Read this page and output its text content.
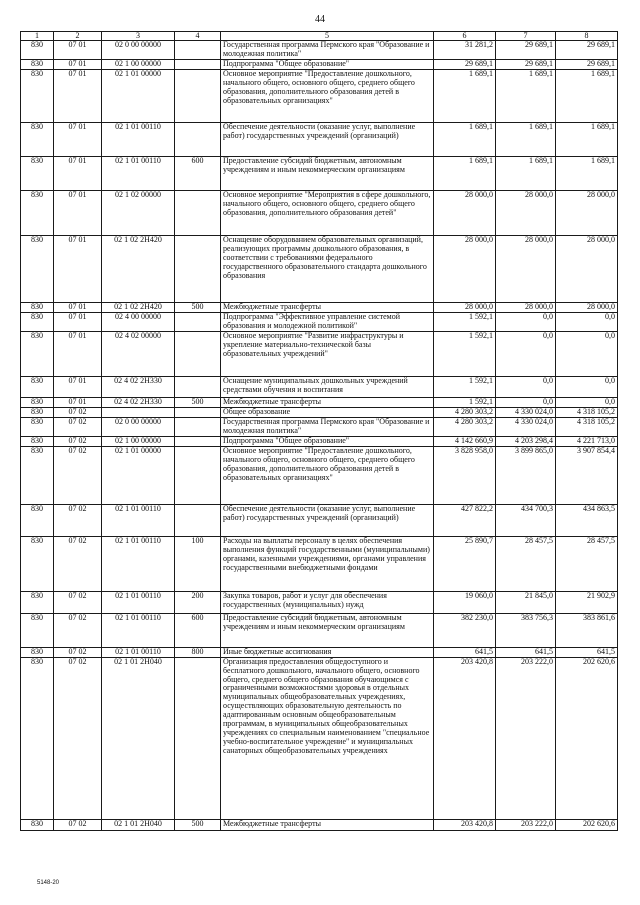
44
1	2	3	4	5	6	7	8
830	07 01	02 0 00 00000		Государственная программа Пермского края "Образование и молодежная политика"	31 281,2	29 689,1	29 689,1
830	07 01	02 1 00 00000		Подпрограмма "Общее образование"	29 689,1	29 689,1	29 689,1
830	07 01	02 1 01 00000		Основное мероприятие "Предоставление дошкольного, начального общего, основного общего, среднего общего образования, дополнительного образования детей в образовательных организациях"	1 689,1	1 689,1	1 689,1
830	07 01	02 1 01 00110		Обеспечение деятельности (оказание услуг, выполнение работ) государственных учреждений (организаций)	1 689,1	1 689,1	1 689,1
830	07 01	02 1 01 00110	600	Предоставление субсидий бюджетным, автономным учреждениям и иным некоммерческим организациям	1 689,1	1 689,1	1 689,1
830	07 01	02 1 02 00000		Основное мероприятие "Мероприятия в сфере дошкольного, начального общего, основного общего, среднего общего образования, дополнительного образования детей"	28 000,0	28 000,0	28 000,0
830	07 01	02 1 02 2Н420		Оснащение оборудованием образовательных организаций, реализующих программы дошкольного образования, в соответствии с требованиями федерального государственного образовательного стандарта дошкольного образования	28 000,0	28 000,0	28 000,0
830	07 01	02 1 02 2Н420	500	Межбюджетные трансферты	28 000,0	28 000,0	28 000,0
830	07 01	02 4 00 00000		Подпрограмма "Эффективное управление системой образования и молодежной политикой"	1 592,1	0,0	0,0
830	07 01	02 4 02 00000		Основное мероприятие "Развитие инфраструктуры и укрепление материально-технической базы образовательных учреждений"	1 592,1	0,0	0,0
830	07 01	02 4 02 2Н330		Оснащение муниципальных дошкольных учреждений средствами обучения и воспитания	1 592,1	0,0	0,0
830	07 01	02 4 02 2Н330	500	Межбюджетные трансферты	1 592,1	0,0	0,0
830	07 02			Общее образование	4 280 303,2	4 330 024,0	4 318 105,2
830	07 02	02 0 00 00000		Государственная программа Пермского края "Образование и молодежная политика"	4 280 303,2	4 330 024,0	4 318 105,2
830	07 02	02 1 00 00000		Подпрограмма "Общее образование"	4 142 660,9	4 203 298,4	4 221 713,0
830	07 02	02 1 01 00000		Основное мероприятие "Предоставление дошкольного, начального общего, основного общего, среднего общего образования, дополнительного образования детей в образовательных организациях"	3 828 958,0	3 899 865,0	3 907 854,4
830	07 02	02 1 01 00110		Обеспечение деятельности (оказание услуг, выполнение работ) государственных учреждений (организаций)	427 822,2	434 700,3	434 863,5
830	07 02	02 1 01 00110	100	Расходы на выплаты персоналу в целях обеспечения выполнения функций государственными (муниципальными) органами, казенными учреждениями, органами управления государственными внебюджетными фондами	25 890,7	28 457,5	28 457,5
830	07 02	02 1 01 00110	200	Закупка товаров, работ и услуг для обеспечения государственных (муниципальных) нужд	19 060,0	21 845,0	21 902,9
830	07 02	02 1 01 00110	600	Предоставление субсидий бюджетным, автономным учреждениям и иным некоммерческим организациям	382 230,0	383 756,3	383 861,6
830	07 02	02 1 01 00110	800	Иные бюджетные ассигнования	641,5	641,5	641,5
830	07 02	02 1 01 2Н040		Организация предоставления общедоступного и бесплатного дошкольного, начального общего, основного общего, среднего общего образования обучающимся с ограниченными возможностями здоровья в отдельных муниципальных общеобразовательных учреждениях, осуществляющих образовательную деятельность по адаптированным основным общеобразовательным программам, в муниципальных общеобразовательных учреждениях со специальным наименованием "специальное учебно-воспитательное учреждение" и муниципальных санаторных общеобразовательных учреждениях	203 420,8	203 222,0	202 620,6
830	07 02	02 1 01 2Н040	500	Межбюджетные трансферты	203 420,8	203 222,0	202 620,6
5148-20
